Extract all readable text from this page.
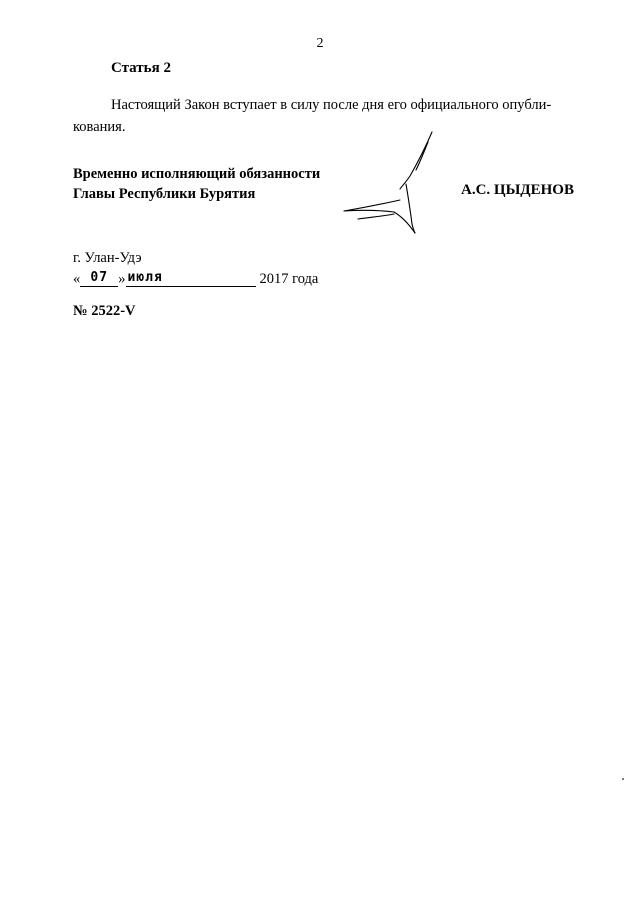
2
Статья 2
Настоящий Закон вступает в силу после дня его официального опубли-
кования.
Временно исполняющий обязанности
Главы Республики Бурятия	А.С. ЦЫДЕНОВ
г. Улан-Удэ
« 07 » июля	2017 года
№ 2522-V
